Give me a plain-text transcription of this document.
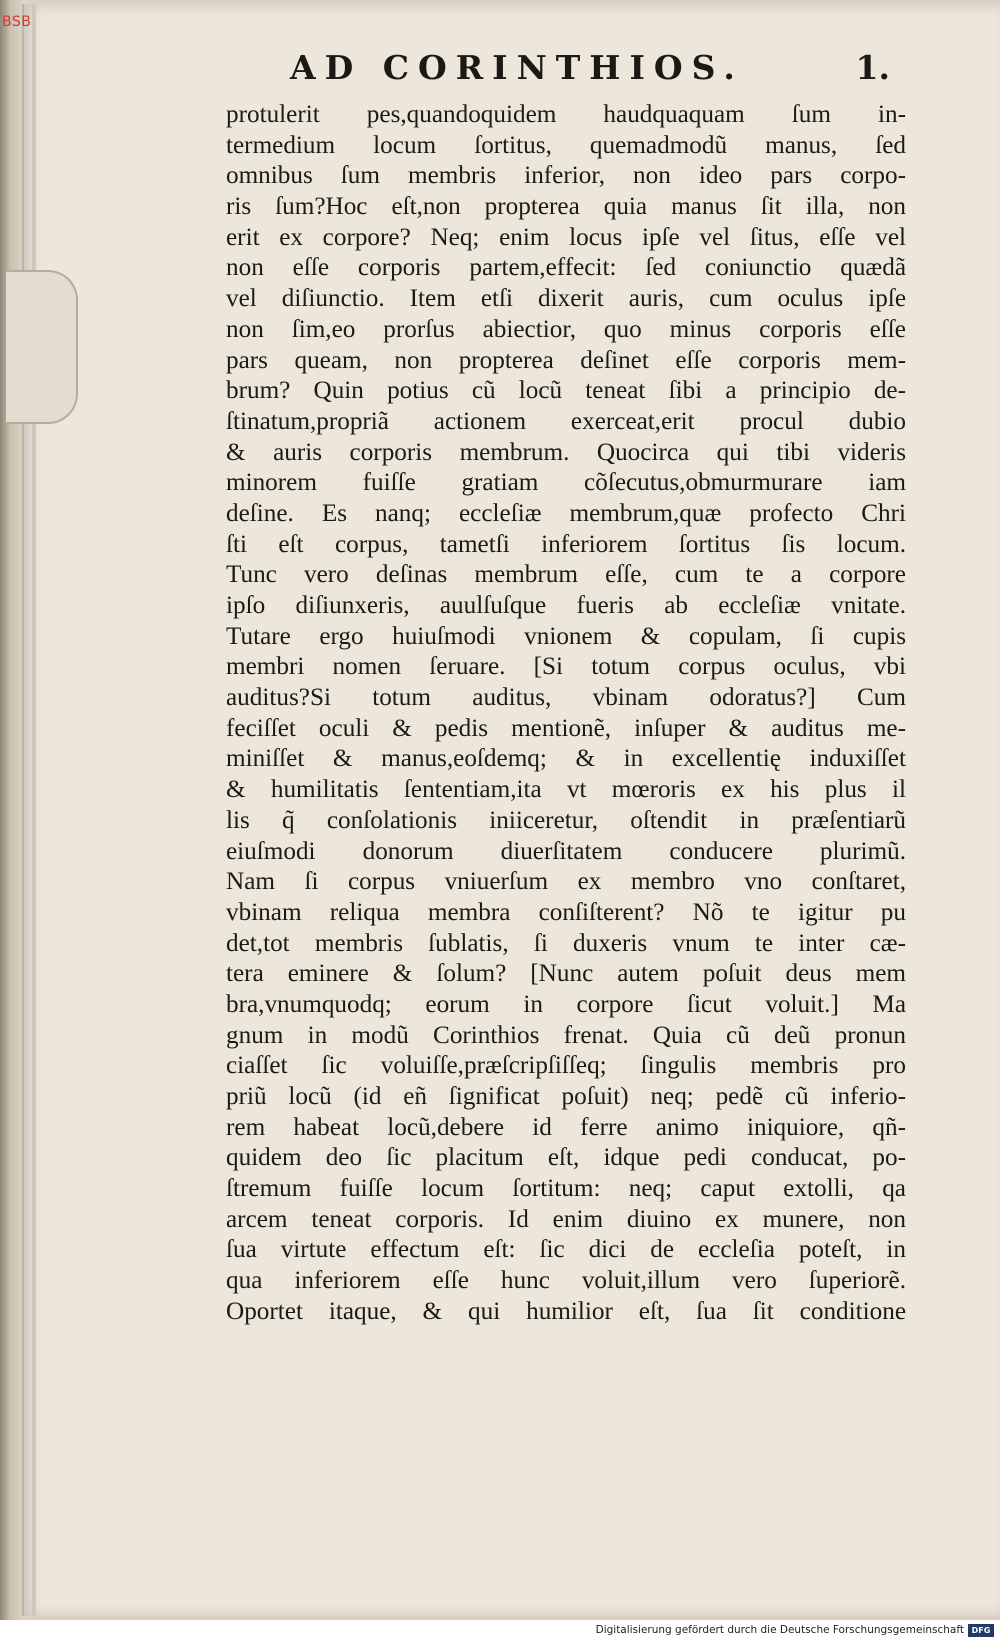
BSB
AD CORINTHIOS.	1.
protulerit pes,quandoquidem haudquaquam ſum in-
termedium locum ſortitus, quemadmodũ manus, ſed
omnibus ſum membris inferior, non ideo pars corpo-
ris ſum?Hoc eſt,non propterea quia manus ſit illa, non
erit ex corpore? Neq; enim locus ipſe vel ſitus, eſſe vel
non eſſe corporis partem,effecit: ſed coniunctio quædã
vel diſiunctio. Item etſi dixerit auris, cum oculus ipſe
non ſim,eo prorſus abiectior, quo minus corporis eſſe
pars queam, non propterea deſinet eſſe corporis mem-
brum? Quin potius cũ locũ teneat ſibi a principio de-
ſtinatum,propriã actionem exerceat,erit procul dubio
& auris corporis membrum. Quocirca qui tibi videris
minorem fuiſſe gratiam cõſecutus,obmurmurare iam
deſine. Es nanq; eccleſiæ membrum,quæ profecto Chri
ſti eſt corpus, tametſi inferiorem ſortitus ſis locum.
Tunc vero deſinas membrum eſſe, cum te a corpore
ipſo diſiunxeris, auulſuſque fueris ab eccleſiæ vnitate.
Tutare ergo huiuſmodi vnionem & copulam, ſi cupis
membri nomen ſeruare. [Si totum corpus oculus, vbi
auditus?Si totum auditus, vbinam odoratus?] Cum
feciſſet oculi & pedis mentionẽ, inſuper & auditus me-
miniſſet & manus,eoſdemq; & in excellentię induxiſſet
& humilitatis ſententiam,ita vt mœroris ex his plus il
lis q̃ conſolationis iniiceretur, oſtendit in præſentiarũ
eiuſmodi donorum diuerſitatem conducere plurimũ.
Nam ſi corpus vniuerſum ex membro vno conſtaret,
vbinam reliqua membra conſiſterent? Nõ te igitur pu
det,tot membris ſublatis, ſi duxeris vnum te inter cæ-
tera eminere & ſolum? [Nunc autem poſuit deus mem
bra,vnumquodq; eorum in corpore ſicut voluit.] Ma
gnum in modũ Corinthios frenat. Quia cũ deũ pronun
ciaſſet ſic voluiſſe,præſcripſiſſeq; ſingulis membris pro
priũ locũ (id eñ ſignificat poſuit) neq; pedẽ cũ inferio-
rem habeat locũ,debere id ferre animo iniquiore, qñ-
quidem deo ſic placitum eſt, idque pedi conducat, po-
ſtremum fuiſſe locum ſortitum: neq; caput extolli, qa
arcem teneat corporis. Id enim diuino ex munere, non
ſua virtute effectum eſt: ſic dici de eccleſia poteſt, in
qua inferiorem eſſe hunc voluit,illum vero ſuperiorẽ.
Oportet itaque, & qui humilior eſt, ſua ſit conditione
Digitalisierung gefördert durch die Deutsche Forschungsgemeinschaft DFG
